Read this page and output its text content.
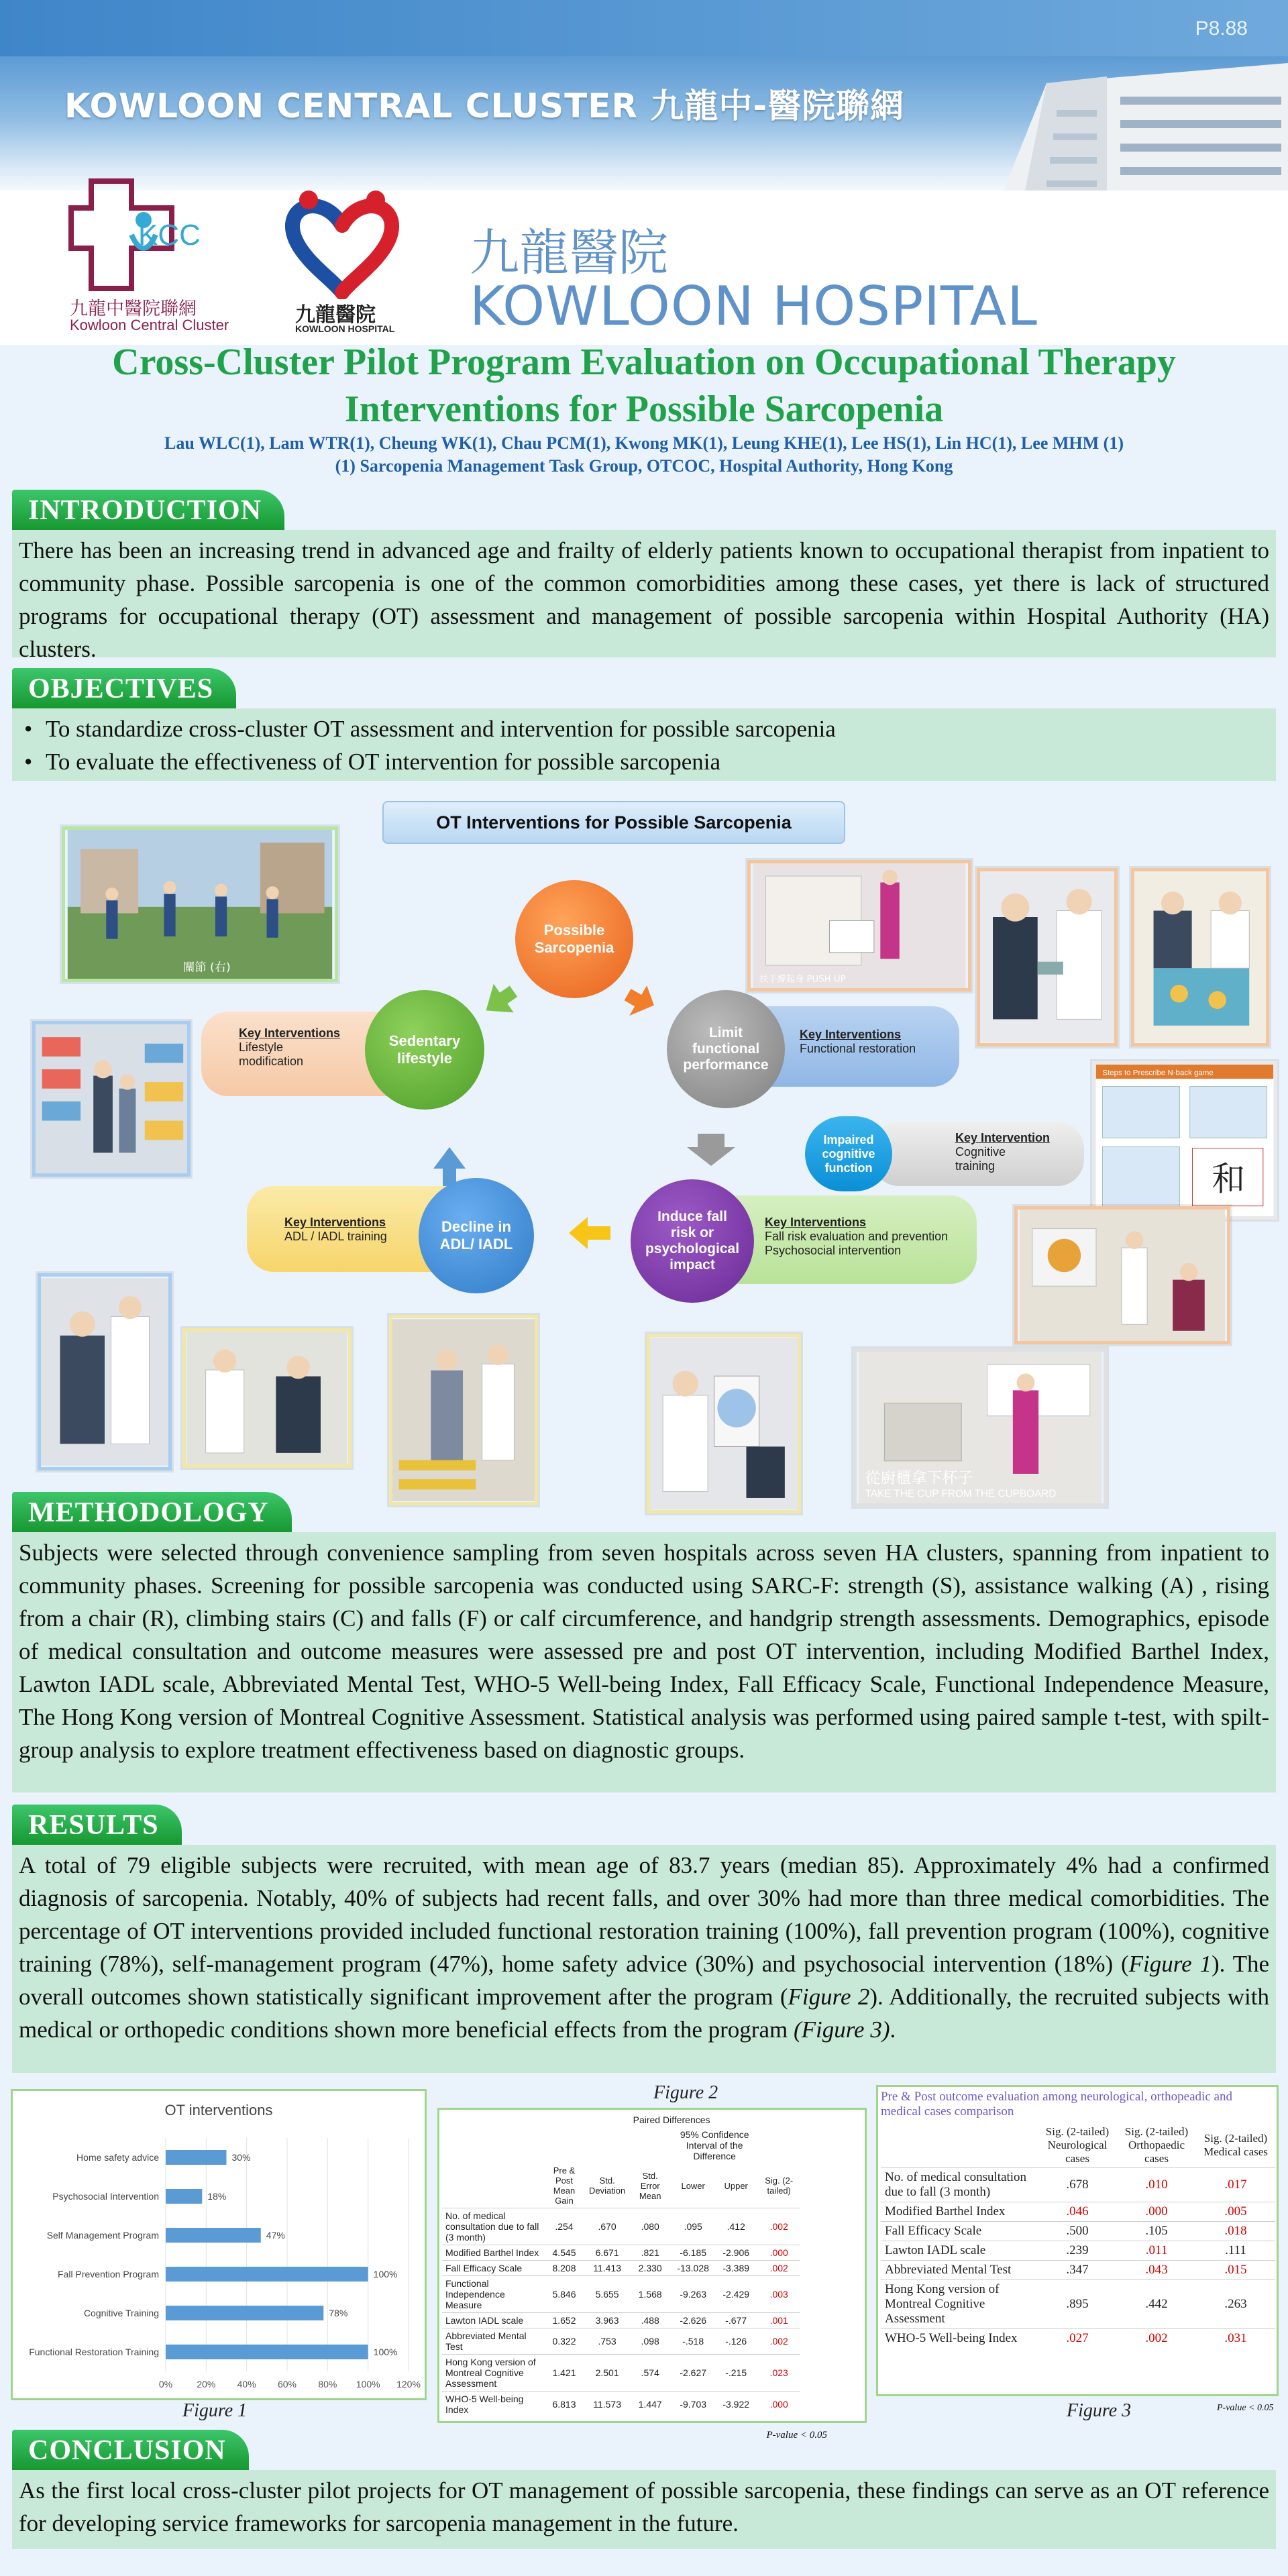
P8.88
KOWLOON CENTRAL CLUSTER 九龍中-醫院聯網
KCC
九龍中醫院聯網
Kowloon Central Cluster	九龍醫院
KOWLOON HOSPITAL
九龍醫院
KOWLOON HOSPITAL
Cross-Cluster Pilot Program Evaluation on Occupational Therapy
Interventions for Possible Sarcopenia
Lau WLC(1), Lam WTR(1), Cheung WK(1), Chau PCM(1), Kwong MK(1), Leung KHE(1), Lee HS(1), Lin HC(1), Lee MHM (1)
(1) Sarcopenia Management Task Group, OTCOC, Hospital Authority, Hong Kong
INTRODUCTION
There has been an increasing trend in advanced age and frailty of elderly patients known to occupational therapist from inpatient to community phase. Possible sarcopenia is one of the common comorbidities among these cases, yet there is lack of structured programs for occupational therapy (OT) assessment and management of possible sarcopenia within Hospital Authority (HA) clusters.
OBJECTIVES
• To standardize cross-cluster OT assessment and intervention for possible sarcopenia
• To evaluate the effectiveness of OT intervention for possible sarcopenia
OT Interventions for Possible Sarcopenia
關節 (右)
扶手撐起身 PUSH UP
Steps to Prescribe N-back game
和
從廚櫃拿下杯子
TAKE THE CUP FROM THE CUPBOARD
Key Interventions
Lifestyle
modification
Key Interventions
Functional restoration
Key Intervention
Cognitive
training
Key Interventions
Fall risk evaluation and prevention
Psychosocial intervention
Key Interventions
ADL / IADL training
Possible Sarcopenia
Limit functional performance
Impaired cognitive function
Induce fall risk or psychological impact
Decline in ADL/ IADL
Sedentary lifestyle
METHODOLOGY
Subjects were selected through convenience sampling from seven hospitals across seven HA clusters, spanning from inpatient to community phases. Screening for possible sarcopenia was conducted using SARC-F: strength (S), assistance walking (A) , rising from a chair (R), climbing stairs (C) and falls (F) or calf circumference, and handgrip strength assessments. Demographics, episode of medical consultation and outcome measures were assessed pre and post OT intervention, including Modified Barthel Index, Lawton IADL scale, Abbreviated Mental Test, WHO-5 Well-being Index, Fall Efficacy Scale, Functional Independence Measure, The Hong Kong version of Montreal Cognitive Assessment. Statistical analysis was performed using paired sample t-test, with spilt-group analysis to explore treatment effectiveness based on diagnostic groups.
RESULTS
A total of 79 eligible subjects were recruited, with mean age of 83.7 years (median 85). Approximately 4% had a confirmed diagnosis of sarcopenia. Notably, 40% of subjects had recent falls, and over 30% had more than three medical comorbidities. The percentage of OT interventions provided included functional restoration training (100%), fall prevention program (100%), cognitive training (78%), self-management program (47%), home safety advice (30%) and psychosocial intervention (18%) (Figure 1). The overall outcomes shown statistically significant improvement after the program (Figure 2). Additionally, the recruited subjects with medical or orthopedic conditions shown more beneficial effects from the program (Figure 3).
OT interventions
0%	20% 40% 60% 80% 100% 120%
Home safety advice	30%
Psychosocial Intervention	18%
Self Management Program	47%
Fall Prevention Program	100%
Cognitive Training	78%
Functional Restoration Training	100%
Figure 1
Figure 2
	Paired Differences					
				95% Confidence Interval of the Difference		
	Pre & Post Mean Gain	Std. Deviation	Std. Error Mean	Lower	Upper	Sig. (2-tailed)
No. of medical consultation due to fall (3 month)	.254	.670	.080	.095	.412	.002
Modified Barthel Index	4.545	6.671	.821	-6.185	-2.906	.000
Fall Efficacy Scale	8.208	11.413	2.330	-13.028	-3.389	.002
Functional Independence Measure	5.846	5.655	1.568	-9.263	-2.429	.003
Lawton IADL scale	1.652	3.963	.488	-2.626	-.677	.001
Abbreviated Mental Test	0.322	.753	.098	-.518	-.126	.002
Hong Kong version of Montreal Cognitive Assessment	1.421	2.501	.574	-2.627	-.215	.023
WHO-5 Well-being Index	6.813	11.573	1.447	-9.703	-3.922	.000
P-value < 0.05
Pre & Post outcome evaluation among neurological, orthopeadic and medical cases comparison
	Sig. (2-tailed) Neurological cases	Sig. (2-tailed) Orthopaedic cases	Sig. (2-tailed) Medical cases
No. of medical consultation due to fall (3 month)	.678	.010	.017
Modified Barthel Index	.046	.000	.005
Fall Efficacy Scale	.500	.105	.018
Lawton IADL scale	.239	.011	.111
Abbreviated Mental Test	.347	.043	.015
Hong Kong version of Montreal Cognitive Assessment	.895	.442	.263
WHO-5 Well-being Index	.027	.002	.031
Figure 3	P-value < 0.05
CONCLUSION
As the first local cross-cluster pilot projects for OT management of possible sarcopenia, these findings can serve as an OT reference for developing service frameworks for sarcopenia management in the future.
